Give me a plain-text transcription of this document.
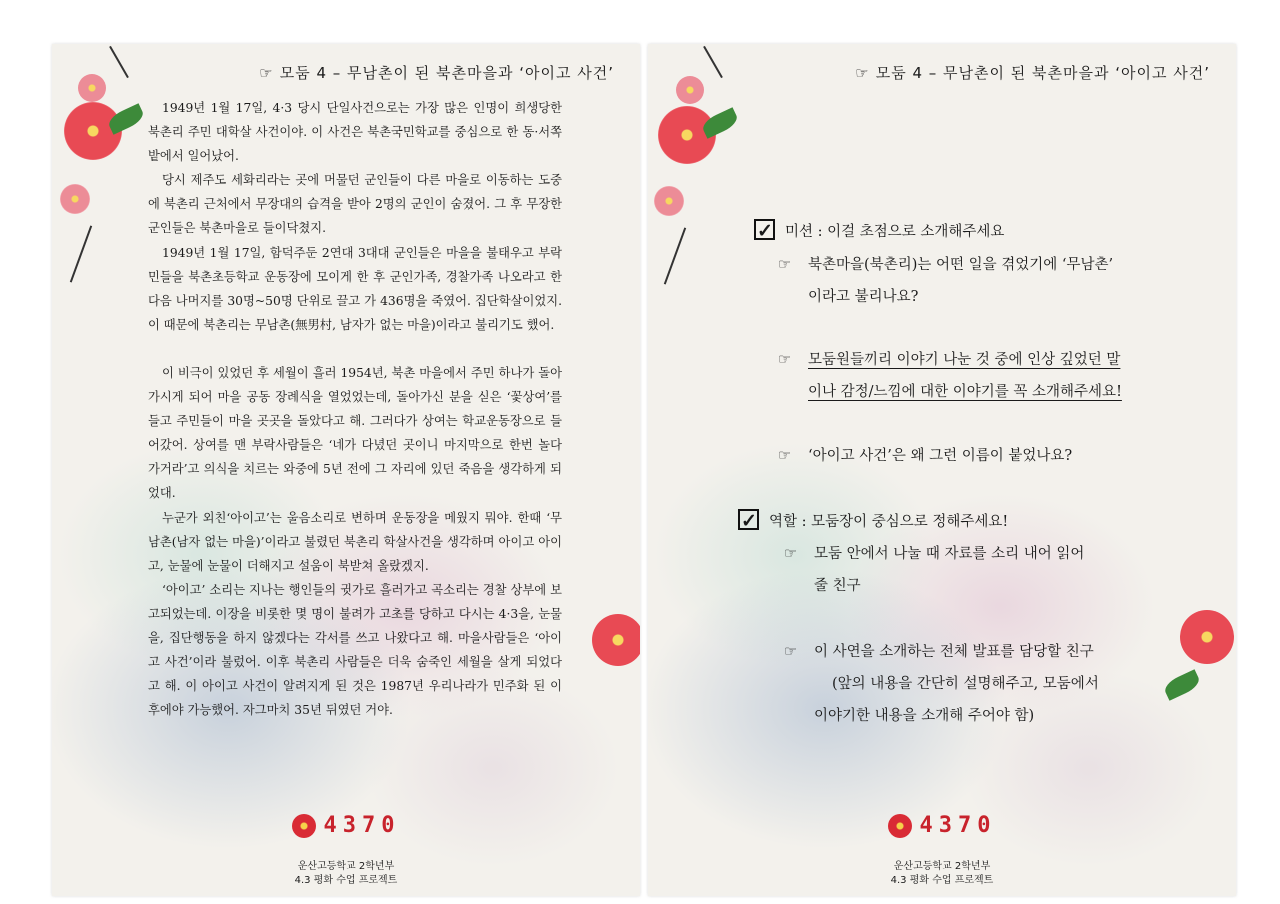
☞ 모둠 4 – 무남촌이 된 북촌마을과 ‘아이고 사건’

1949년 1월 17일, 4·3 당시 단일사건으로는 가장 많은 인명이 희생당한 북촌리 주민 대학살 사건이야. 이 사건은 북촌국민학교를 중심으로 한 동·서쪽 밭에서 일어났어.

당시 제주도 세화리라는 곳에 머물던 군인들이 다른 마을로 이동하는 도중에 북촌리 근처에서 무장대의 습격을 받아 2명의 군인이 숨졌어. 그 후 무장한 군인들은 북촌마을로 들이닥쳤지.

1949년 1월 17일, 함덕주둔 2연대 3대대 군인들은 마을을 불태우고 부락민들을 북촌초등학교 운동장에 모이게 한 후 군인가족, 경찰가족 나오라고 한 다음 나머지를 30명~50명 단위로 끌고 가 436명을 죽였어. 집단학살이었지. 이 때문에 북촌리는 무남촌(無男村, 남자가 없는 마을)이라고 불리기도 했어.

이 비극이 있었던 후 세월이 흘러 1954년, 북촌 마을에서 주민 하나가 돌아가시게 되어 마을 공동 장례식을 열었었는데, 돌아가신 분을 싣은 ‘꽃상여’를 들고 주민들이 마을 곳곳을 돌았다고 해. 그러다가 상여는 학교운동장으로 들어갔어. 상여를 맨 부락사람들은 ‘네가 다녔던 곳이니 마지막으로 한번 놀다 가거라’고 의식을 치르는 와중에 5년 전에 그 자리에 있던 죽음을 생각하게 되었대.

누군가 외친‘아이고’는 울음소리로 변하며 운동장을 메웠지 뭐야. 한때 ‘무남촌(남자 없는 마을)’이라고 불렸던 북촌리 학살사건을 생각하며 아이고 아이고, 눈물에 눈물이 더해지고 설움이 북받쳐 올랐겠지.

‘아이고’ 소리는 지나는 행인들의 귓가로 흘러가고 곡소리는 경찰 상부에 보고되었는데. 이장을 비롯한 몇 명이 불려가 고초를 당하고 다시는 4·3을, 눈물을, 집단행동을 하지 않겠다는 각서를 쓰고 나왔다고 해. 마을사람들은 ‘아이고 사건’이라 불렀어. 이후 북촌리 사람들은 더욱 숨죽인 세월을 살게 되었다고 해. 이 아이고 사건이 알려지게 된 것은 1987년 우리나라가 민주화 된 이후에야 가능했어. 자그마치 35년 뒤였던 거야.

4370
운산고등학교 2학년부
4.3 평화 수업 프로젝트
☞ 모둠 4 – 무남촌이 된 북촌마을과 ‘아이고 사건’
✓미션 : 이걸 초점으로 소개해주세요
☞ 북촌마을(북촌리)는 어떤 일을 겪었기에 ‘무남촌’
이라고 불리나요?
☞ 모둠원들끼리 이야기 나눈 것 중에 인상 깊었던 말
이나 감정/느낌에 대한 이야기를 꼭 소개해주세요!
☞ ‘아이고 사건’은 왜 그런 이름이 붙었나요?
✓역할 : 모둠장이 중심으로 정해주세요!
☞ 모둠 안에서 나눌 때 자료를 소리 내어 읽어
줄 친구
☞ 이 사연을 소개하는 전체 발표를 담당할 친구
(앞의 내용을 간단히 설명해주고, 모둠에서
이야기한 내용을 소개해 주어야 함)
4370
운산고등학교 2학년부
4.3 평화 수업 프로젝트
